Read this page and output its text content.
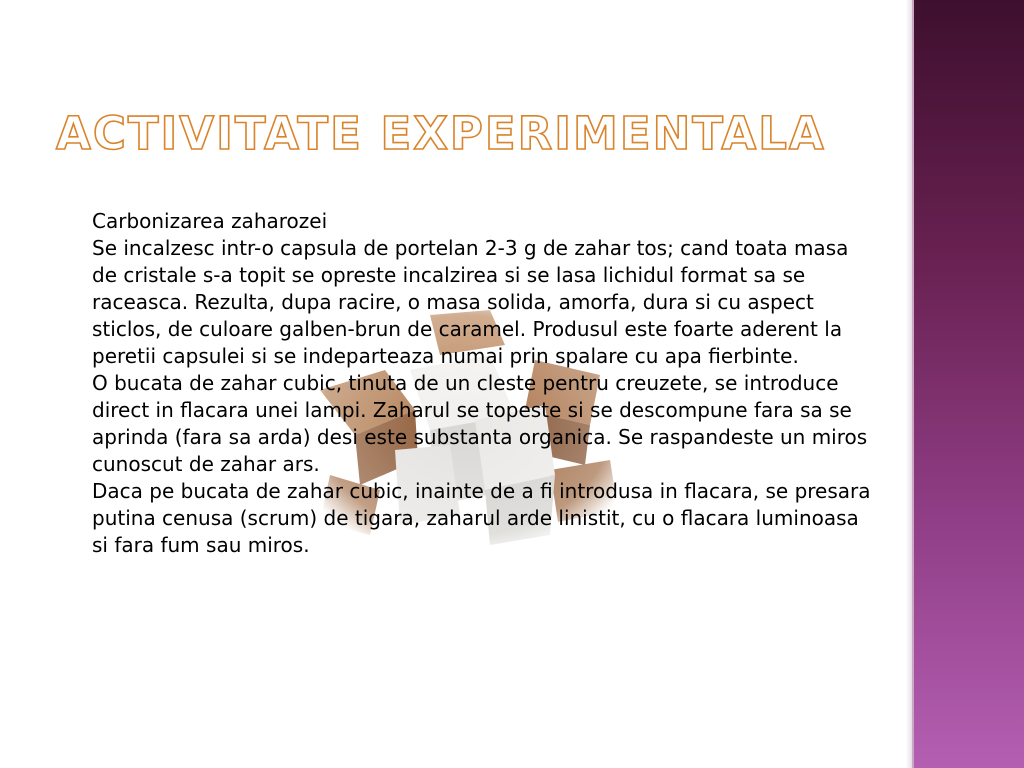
ACTIVITATE EXPERIMENTALA

Carbonizarea zaharozei

Se incalzesc intr-o capsula de portelan 2-3 g de zahar tos; cand toata masa de cristale s-a topit se opreste incalzirea si se lasa lichidul format sa se raceasca. Rezulta, dupa racire, o masa solida, amorfa, dura si cu aspect sticlos, de culoare galben-brun de caramel. Produsul este foarte aderent la peretii capsulei si se indeparteaza numai prin spalare cu apa fierbinte.

O bucata de zahar cubic, tinuta de un cleste pentru creuzete, se introduce direct in flacara unei lampi. Zaharul se topeste si se descompune fara sa se aprinda (fara sa arda) desi este substanta organica. Se raspandeste un miros cunoscut de zahar ars.

Daca pe bucata de zahar cubic, inainte de a fi introdusa in flacara, se presara putina cenusa (scrum) de tigara, zaharul arde linistit, cu o flacara luminoasa si fara fum sau miros.
